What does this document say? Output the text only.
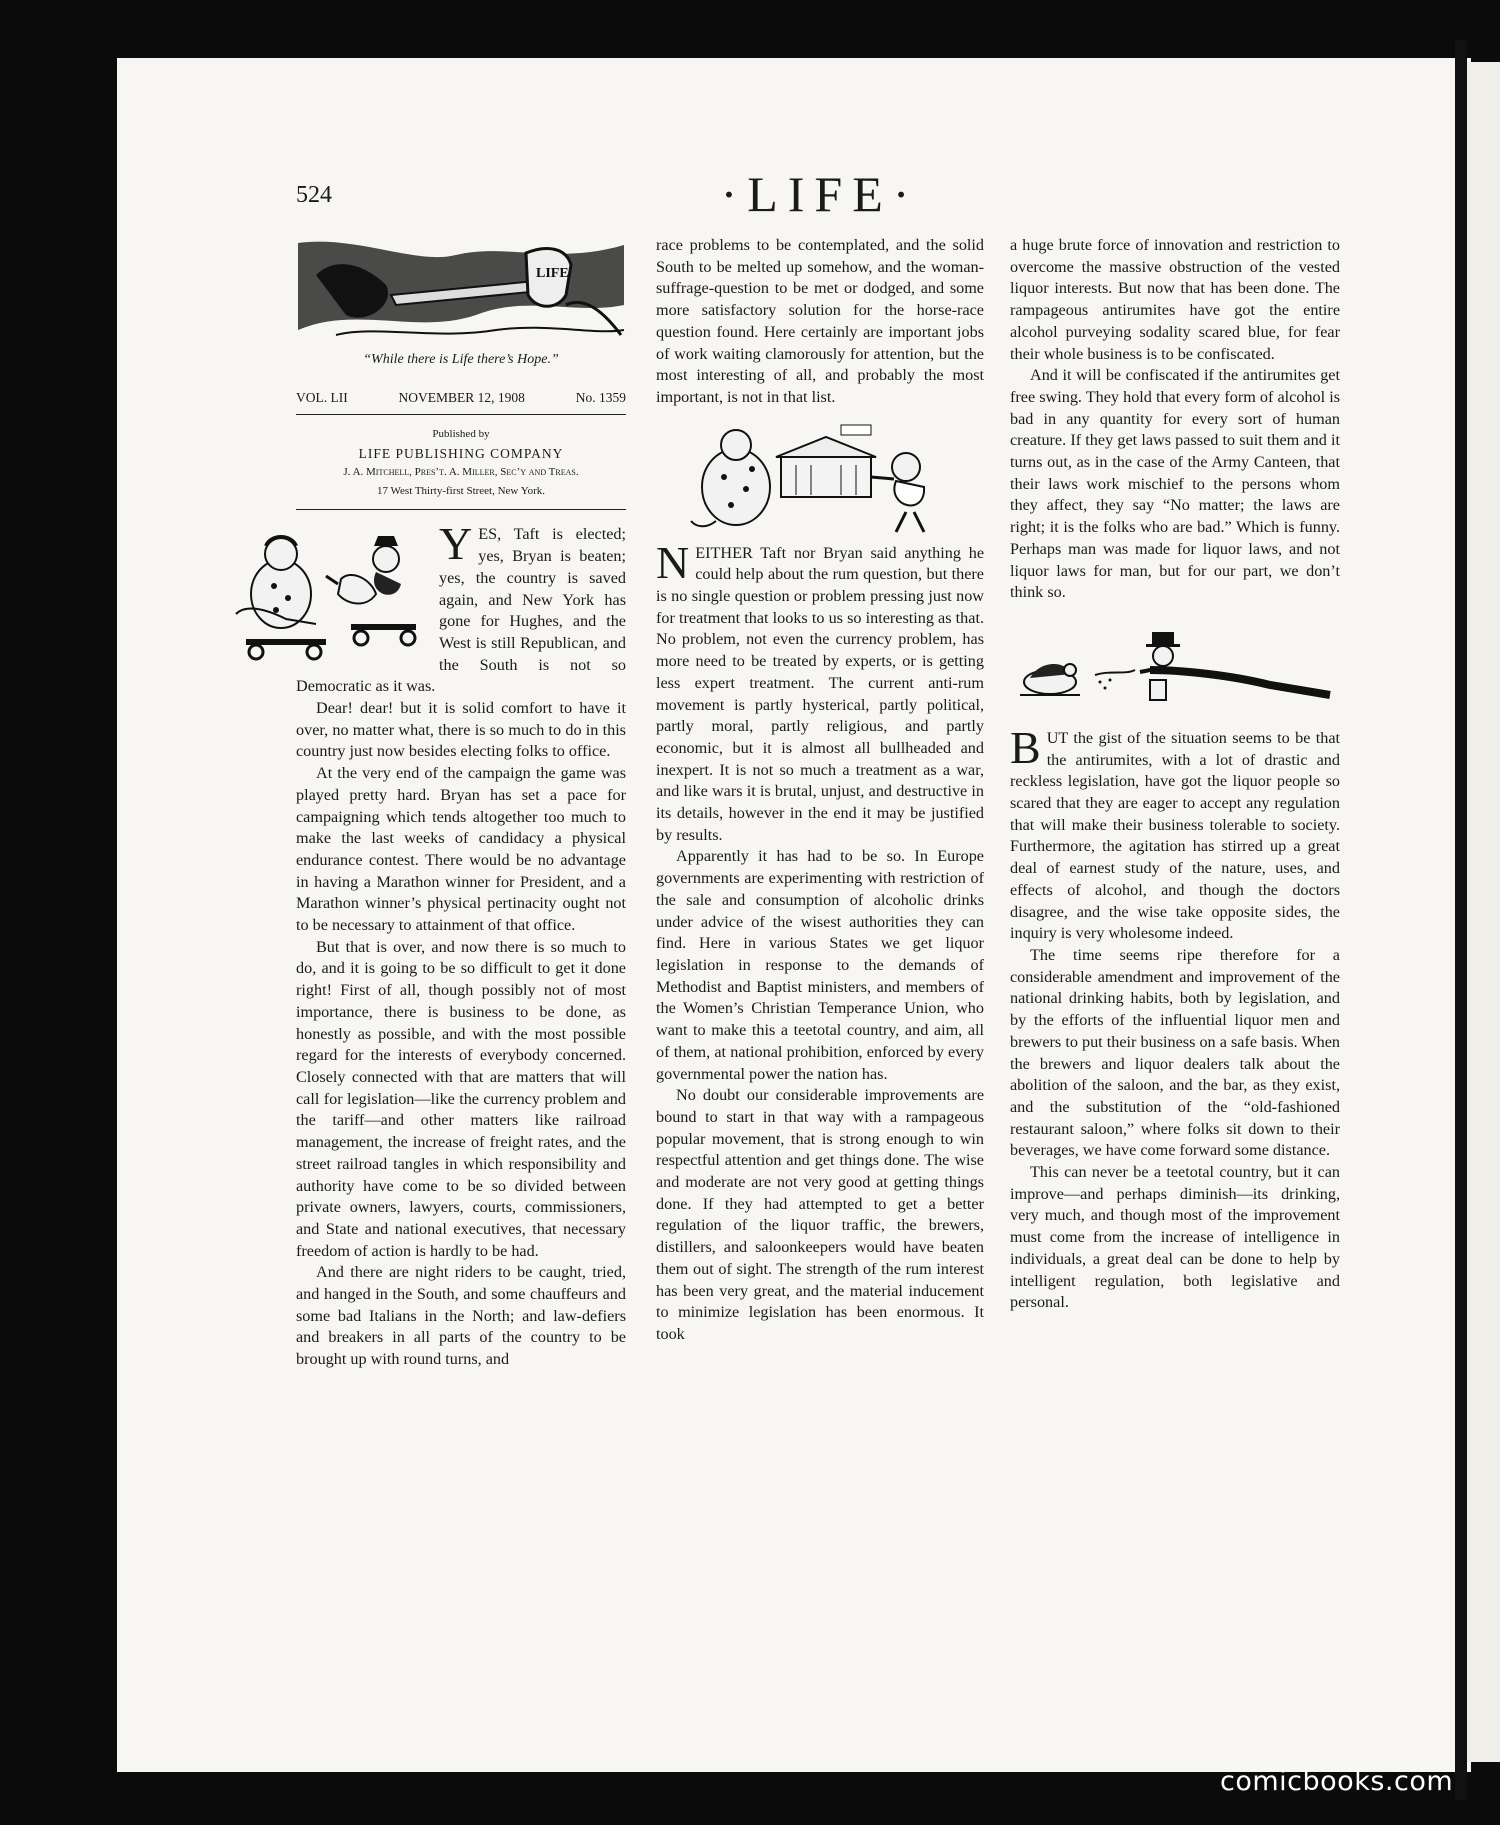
524	·LIFE·
LIFE
“While there is Life there’s Hope.”
VOL. LII	NOVEMBER 12, 1908	No. 1359
Published by
LIFE PUBLISHING COMPANY
J. A. Mitchell, Pres’t. A. Miller, Sec’y and Treas.
17 West Thirty-first Street, New York.

YES, Taft is elected; yes, Bryan is beaten; yes, the country is saved again, and New York has gone for Hughes, and the West is still Republican, and the South is not so Democratic as it was.

Dear! dear! but it is solid comfort to have it over, no matter what, there is so much to do in this country just now besides electing folks to office.

At the very end of the campaign the game was played pretty hard. Bryan has set a pace for campaigning which tends altogether too much to make the last weeks of candidacy a physical endurance contest. There would be no advantage in having a Marathon winner for President, and a Marathon winner’s physical pertinacity ought not to be necessary to attainment of that office.

But that is over, and now there is so much to do, and it is going to be so difficult to get it done right! First of all, though possibly not of most importance, there is business to be done, as honestly as possible, and with the most possible regard for the interests of everybody concerned. Closely connected with that are matters that will call for legislation—like the currency problem and the tariff—and other matters like railroad management, the increase of freight rates, and the street railroad tangles in which responsibility and authority have come to be so divided between private owners, lawyers, courts, commissioners, and State and national executives, that necessary freedom of action is hardly to be had.

And there are night riders to be caught, tried, and hanged in the South, and some chauffeurs and some bad Italians in the North; and law-defiers and breakers in all parts of the country to be brought up with round turns, and

race problems to be contemplated, and the solid South to be melted up somehow, and the woman-suffrage-question to be met or dodged, and some more satisfactory solution for the horse-race question found. Here certainly are important jobs of work waiting clamorously for attention, but the most interesting of all, and probably the most important, is not in that list.

NEITHER Taft nor Bryan said anything he could help about the rum question, but there is no single question or problem pressing just now for treatment that looks to us so interesting as that. No problem, not even the currency problem, has more need to be treated by experts, or is getting less expert treatment. The current anti-rum movement is partly hysterical, partly political, partly moral, partly religious, and partly economic, but it is almost all bullheaded and inexpert. It is not so much a treatment as a war, and like wars it is brutal, unjust, and destructive in its details, however in the end it may be justified by results.

Apparently it has had to be so. In Europe governments are experimenting with restriction of the sale and consumption of alcoholic drinks under advice of the wisest authorities they can find. Here in various States we get liquor legislation in response to the demands of Methodist and Baptist ministers, and members of the Women’s Christian Temperance Union, who want to make this a teetotal country, and aim, all of them, at national prohibition, enforced by every governmental power the nation has.

No doubt our considerable improvements are bound to start in that way with a rampageous popular movement, that is strong enough to win respectful attention and get things done. The wise and moderate are not very good at getting things done. If they had attempted to get a better regulation of the liquor traffic, the brewers, distillers, and saloonkeepers would have beaten them out of sight. The strength of the rum interest has been very great, and the material inducement to minimize legislation has been enormous. It took

a huge brute force of innovation and restriction to overcome the massive obstruction of the vested liquor interests. But now that has been done. The rampageous antirumites have got the entire alcohol purveying sodality scared blue, for fear their whole business is to be confiscated.

And it will be confiscated if the antirumites get free swing. They hold that every form of alcohol is bad in any quantity for every sort of human creature. If they get laws passed to suit them and it turns out, as in the case of the Army Canteen, that their laws work mischief to the persons whom they affect, they say “No matter; the laws are right; it is the folks who are bad.” Which is funny. Perhaps man was made for liquor laws, and not liquor laws for man, but for our part, we don’t think so.

BUT the gist of the situation seems to be that the antirumites, with a lot of drastic and reckless legislation, have got the liquor people so scared that they are eager to accept any regulation that will make their business tolerable to society. Furthermore, the agitation has stirred up a great deal of earnest study of the nature, uses, and effects of alcohol, and though the doctors disagree, and the wise take opposite sides, the inquiry is very wholesome indeed.

The time seems ripe therefore for a considerable amendment and improvement of the national drinking habits, both by legislation, and by the efforts of the influential liquor men and brewers to put their business on a safe basis. When the brewers and liquor dealers talk about the abolition of the saloon, and the bar, as they exist, and the substitution of the “old-fashioned restaurant saloon,” where folks sit down to their beverages, we have come forward some distance.

This can never be a teetotal country, but it can improve—and perhaps diminish—its drinking, very much, and though most of the improvement must come from the increase of intelligence in individuals, a great deal can be done to help by intelligent regulation, both legislative and personal.

comicbooks.com
